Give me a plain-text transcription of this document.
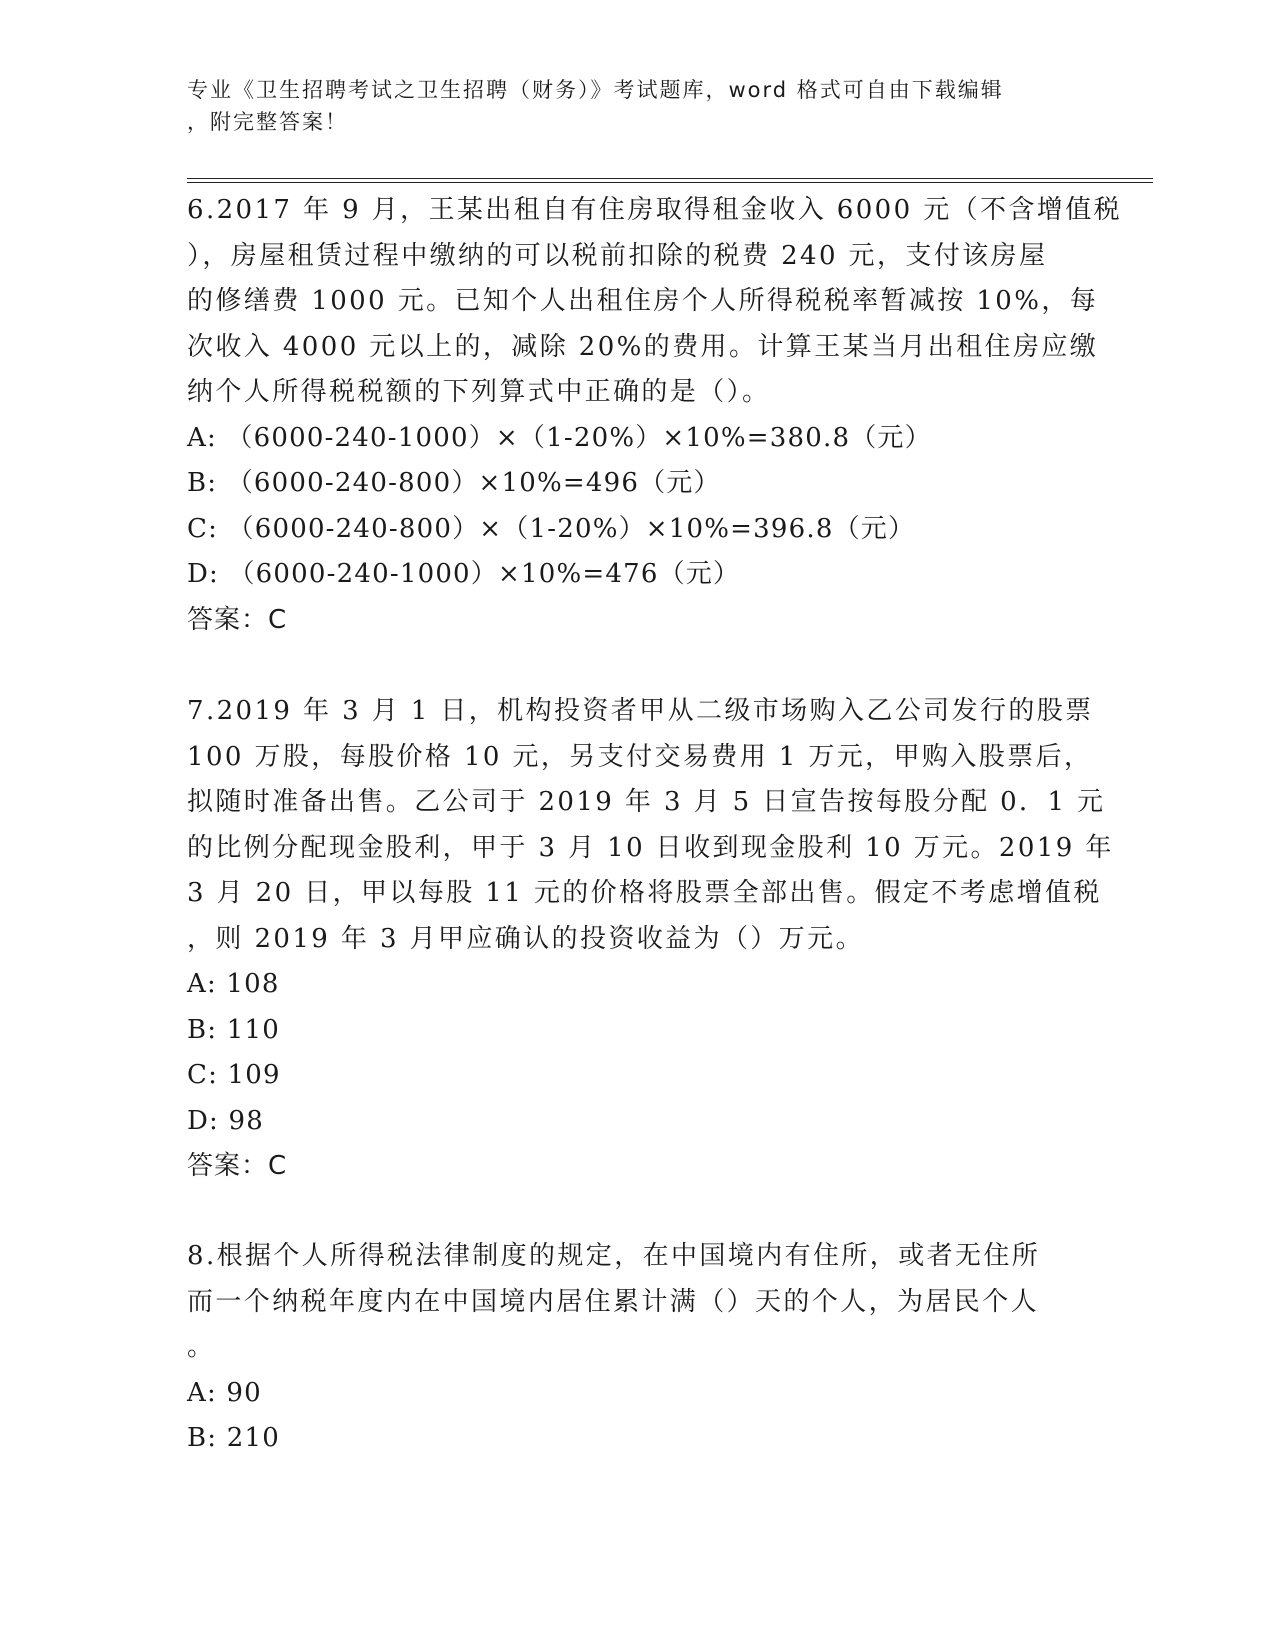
专业《卫生招聘考试之卫生招聘（财务）》考试题库，word 格式可自由下载编辑
，附完整答案！
6.2017 年 9 月，王某出租自有住房取得租金收入 6000 元（不含增值税
），房屋租赁过程中缴纳的可以税前扣除的税费 240 元，支付该房屋
的修缮费 1000 元。已知个人出租住房个人所得税税率暂减按 10%，每
次收入 4000 元以上的，减除 20%的费用。计算王某当月出租住房应缴
纳个人所得税税额的下列算式中正确的是（）。
A: （6000-240-1000）×（1-20%）×10%=380.8（元）
B: （6000-240-800）×10%=496（元）
C: （6000-240-800）×（1-20%）×10%=396.8（元）
D: （6000-240-1000）×10%=476（元）
答案：C
7.2019 年 3 月 1 日，机构投资者甲从二级市场购入乙公司发行的股票
100 万股，每股价格 10 元，另支付交易费用 1 万元，甲购入股票后，
拟随时准备出售。乙公司于 2019 年 3 月 5 日宣告按每股分配 0．1 元
的比例分配现金股利，甲于 3 月 10 日收到现金股利 10 万元。2019 年
3 月 20 日，甲以每股 11 元的价格将股票全部出售。假定不考虑增值税
，则 2019 年 3 月甲应确认的投资收益为（）万元。
A: 108
B: 110
C: 109
D: 98
答案：C
8.根据个人所得税法律制度的规定，在中国境内有住所，或者无住所
而一个纳税年度内在中国境内居住累计满（）天的个人，为居民个人
。
A: 90
B: 210
